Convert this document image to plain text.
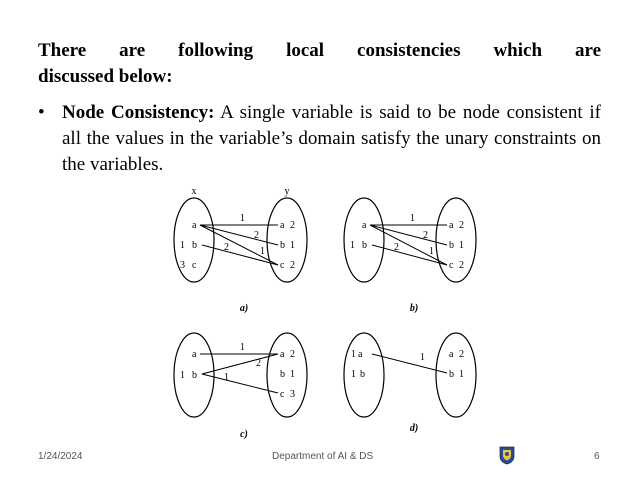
There are following local consistencies which are
discussed below:
• Node Consistency: A single variable is said to be node consistent if all the values in the variable’s domain satisfy the unary constraints on the variables.
x	y
a
1 b
3 c
a 2
b 1
c 2
1
2
2	1
a)
a
1 b
a 2
b 1
c 2
1
2
2	1
b)
a
1 b
a 2
b 1
c 3
1
2
1
c)
1 a
1 b
a 2
b 1
1
d)
1/24/2024	Department of AI & DS	6
